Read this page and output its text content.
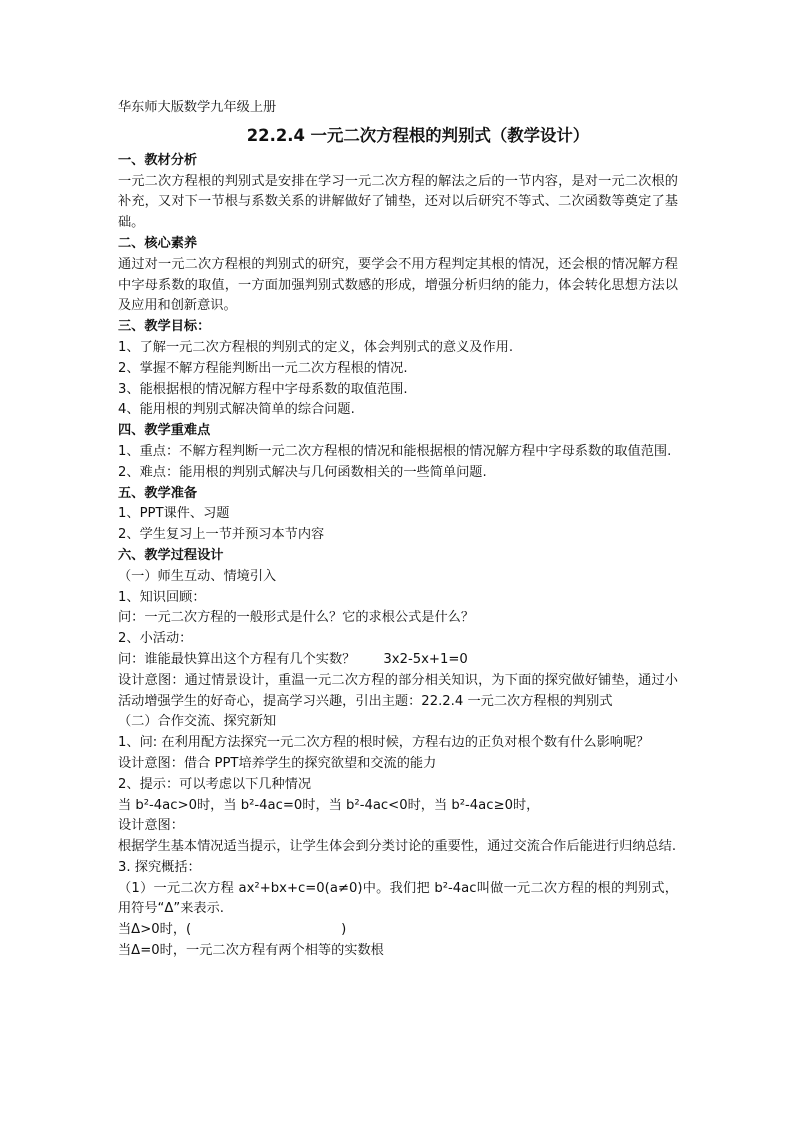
华东师大版数学九年级上册
22.2.4 一元二次方程根的判别式（教学设计）
一、教材分析
一元二次方程根的判别式是安排在学习一元二次方程的解法之后的一节内容，是对一元二次根的补充，又对下一节根与系数关系的讲解做好了铺垫，还对以后研究不等式、二次函数等奠定了基础。
二、核心素养
通过对一元二次方程根的判别式的研究，要学会不用方程判定其根的情况，还会根的情况解方程中字母系数的取值，一方面加强判别式数感的形成，增强分析归纳的能力，体会转化思想方法以及应用和创新意识。
三、教学目标：
1、了解一元二次方程根的判别式的定义，体会判别式的意义及作用.
2、掌握不解方程能判断出一元二次方程根的情况.
3、能根据根的情况解方程中字母系数的取值范围.
4、能用根的判别式解决简单的综合问题.
四、教学重难点
1、重点：不解方程判断一元二次方程根的情况和能根据根的情况解方程中字母系数的取值范围.
2、难点：能用根的判别式解决与几何函数相关的一些简单问题.
五、教学准备
1、PPT课件、习题
2、学生复习上一节并预习本节内容
六、教学过程设计
（一）师生互动、情境引入
1、知识回顾：
问：一元二次方程的一般形式是什么？它的求根公式是什么？
2、小活动：
问：谁能最快算出这个方程有几个实数？ 3x2-5x+1=0
设计意图：通过情景设计，重温一元二次方程的部分相关知识，为下面的探究做好铺垫，通过小活动增强学生的好奇心，提高学习兴趣，引出主题：22.2.4 一元二次方程根的判别式
（二）合作交流、探究新知
1、问: 在利用配方法探究一元二次方程的根时候，方程右边的正负对根个数有什么影响呢？
设计意图：借合 PPT培养学生的探究欲望和交流的能力
2、提示：可以考虑以下几种情况
当 b²-4ac>0时，当 b²-4ac=0时，当 b²-4ac<0时，当 b²-4ac≥0时，
设计意图：
根据学生基本情况适当提示，让学生体会到分类讨论的重要性，通过交流合作后能进行归纳总结.
3. 探究概括：
（1）一元二次方程 ax²+bx+c=0(a≠0)中。我们把 b²-4ac叫做一元二次方程的根的判别式，用符号“Δ”来表示.
当Δ>0时，(	)
当Δ=0时，一元二次方程有两个相等的实数根
